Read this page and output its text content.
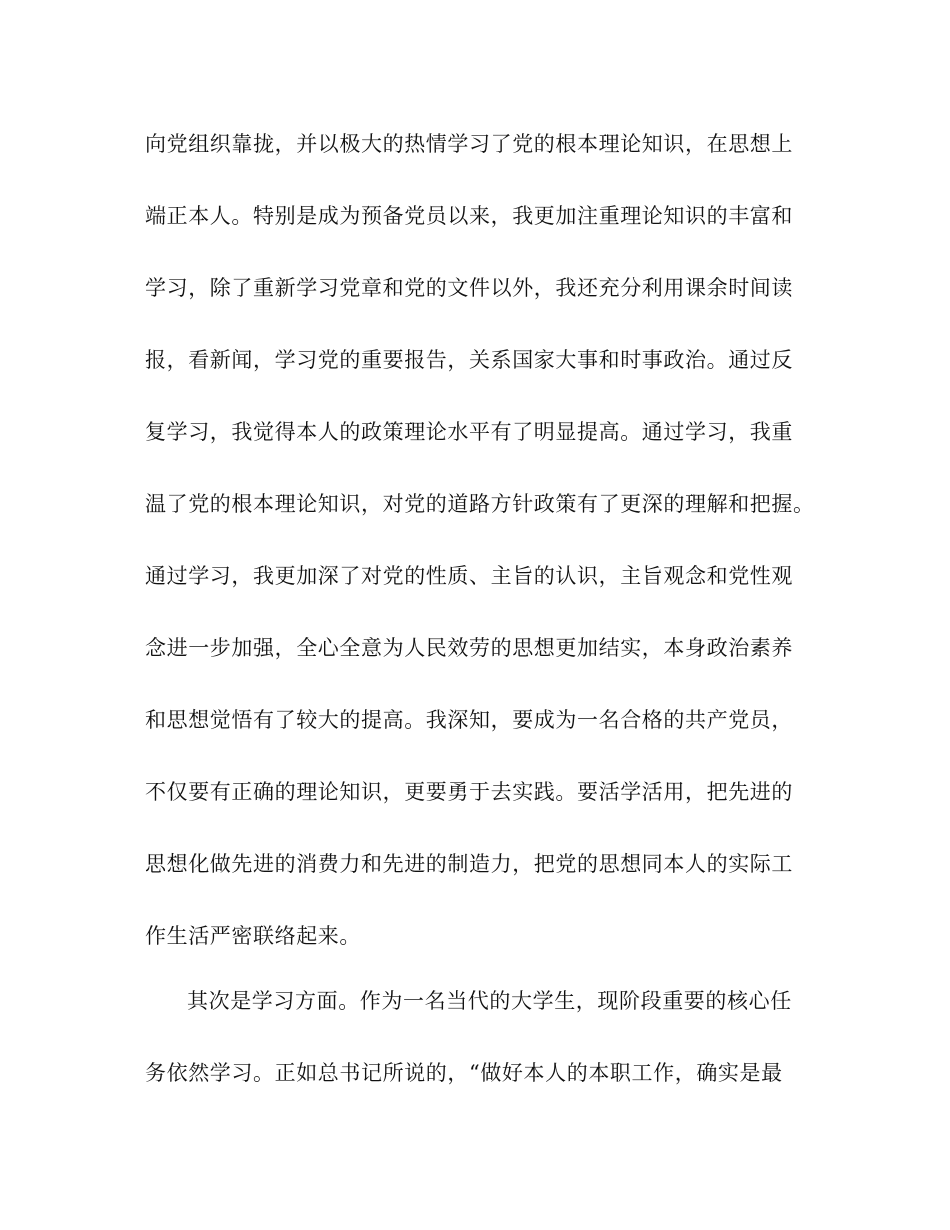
向党组织靠拢，并以极大的热情学习了党的根本理论知识，在思想上
端正本人。特别是成为预备党员以来，我更加注重理论知识的丰富和
学习，除了重新学习党章和党的文件以外，我还充分利用课余时间读
报，看新闻，学习党的重要报告，关系国家大事和时事政治。通过反
复学习，我觉得本人的政策理论水平有了明显提高。通过学习，我重
温了党的根本理论知识，对党的道路方针政策有了更深的理解和把握。
通过学习，我更加深了对党的性质、主旨的认识，主旨观念和党性观
念进一步加强，全心全意为人民效劳的思想更加结实，本身政治素养
和思想觉悟有了较大的提高。我深知，要成为一名合格的共产党员，
不仅要有正确的理论知识，更要勇于去实践。要活学活用，把先进的
思想化做先进的消费力和先进的制造力，把党的思想同本人的实际工
作生活严密联络起来。
其次是学习方面。作为一名当代的大学生，现阶段重要的核心任
务依然学习。正如总书记所说的，“做好本人的本职工作，确实是最
